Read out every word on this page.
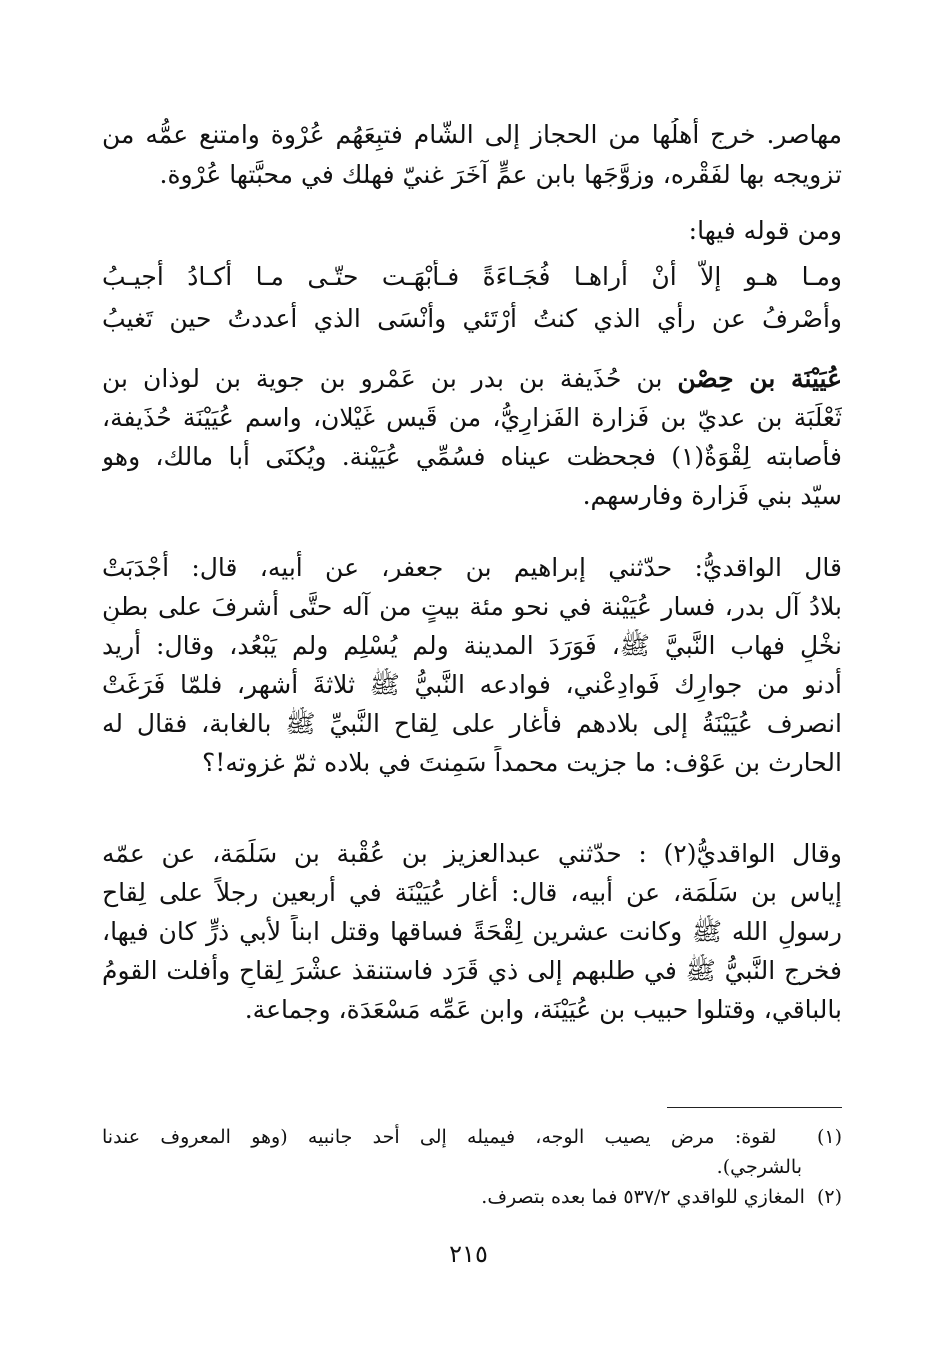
مهاصر. خرج أهلُها من الحجاز إلى الشّام فتبِعَهُم عُرْوة وامتنع عمُّه من
تزويجه بها لفَقْره، وزوَّجَها بابن عمٍّ آخَرَ غنيّ فهلك في محبَّتها عُرْوة.
ومن قوله فيها:
ومـا هـو إلاَّ أنْ أراهـا فُجَـاءَةً فـأُبْهَـت حتّـى مـا أكـادُ أُجيـبُ
وأَصْرفُ عن رأي الذي كنتُ أَرْتَئي وأنْسَى الذي أعددتُ حين تَغيبُ
عُيَيْنَة بن حِصْن بن حُذَيفة بن بدر بن عَمْرو بن جوية بن لوذان بن
ثَعْلَبَة بن عديّ بن فَزارة الفَزارِيُّ، من قَيس غَيْلان، واسم عُيَيْنَة حُذَيفة،
فأصابته لِقْوَةٌ(١) فجحظت عيناه فسُمِّي عُيَيْنة. ويُكنَى أبا مالك، وهو
سيّد بني فَزارة وفارسهم.
قال الواقديُّ: حدّثني إبراهيم بن جعفر، عن أبيه، قال: أجْدَبَتْ
بلادُ آل بدر، فسار عُيَيْنة في نحو مئة بيتٍ من آله حتَّى أشرفَ على بطنِ
نخْلٍ فهاب النَّبيَّ ﷺ، فَوَرَدَ المدينة ولم يُسْلِم ولم يَبْعُد، وقال: أُريد
أدنو من جوارِك فَوادِعْني، فوادعه النَّبيُّ ﷺ ثلاثةَ أشهر، فلمّا فَرَغَتْ
انصرف عُيَيْنَةُ إلى بلادهم فأغار على لِقاح النَّبيِّ ﷺ بالغابة، فقال له
الحارث بن عَوْف: ما جزيت محمداً سَمِنتَ في بلاده ثمّ غزوته!؟
وقال الواقديُّ(٢) : حدّثني عبدالعزيز بن عُقْبة بن سَلَمَة، عن عمّه
إياس بن سَلَمَة، عن أبيه، قال: أغار عُيَيْنَة في أربعين رجلاً على لِقاح
رسولِ الله ﷺ وكانت عشرين لِقْحَةً فساقها وقتل ابناً لأبي ذرٍّ كان فيها،
فخرج النَّبيُّ ﷺ في طلبهم إلى ذي قَرَد فاستنقذ عشْرَ لِقاحٍ وأفلت القومُ
بالباقي، وقتلوا حبيب بن عُيَيْنَة، وابن عَمِّه مَسْعَدَة، وجماعة.
(١)  لقوة: مرض يصيب الوجه، فيميله إلى أحد جانبيه (وهو المعروف عندنا
بالشرجي).
(٢)  المغازي للواقدي ٥٣٧/٢ فما بعده بتصرف.
٢١٥
